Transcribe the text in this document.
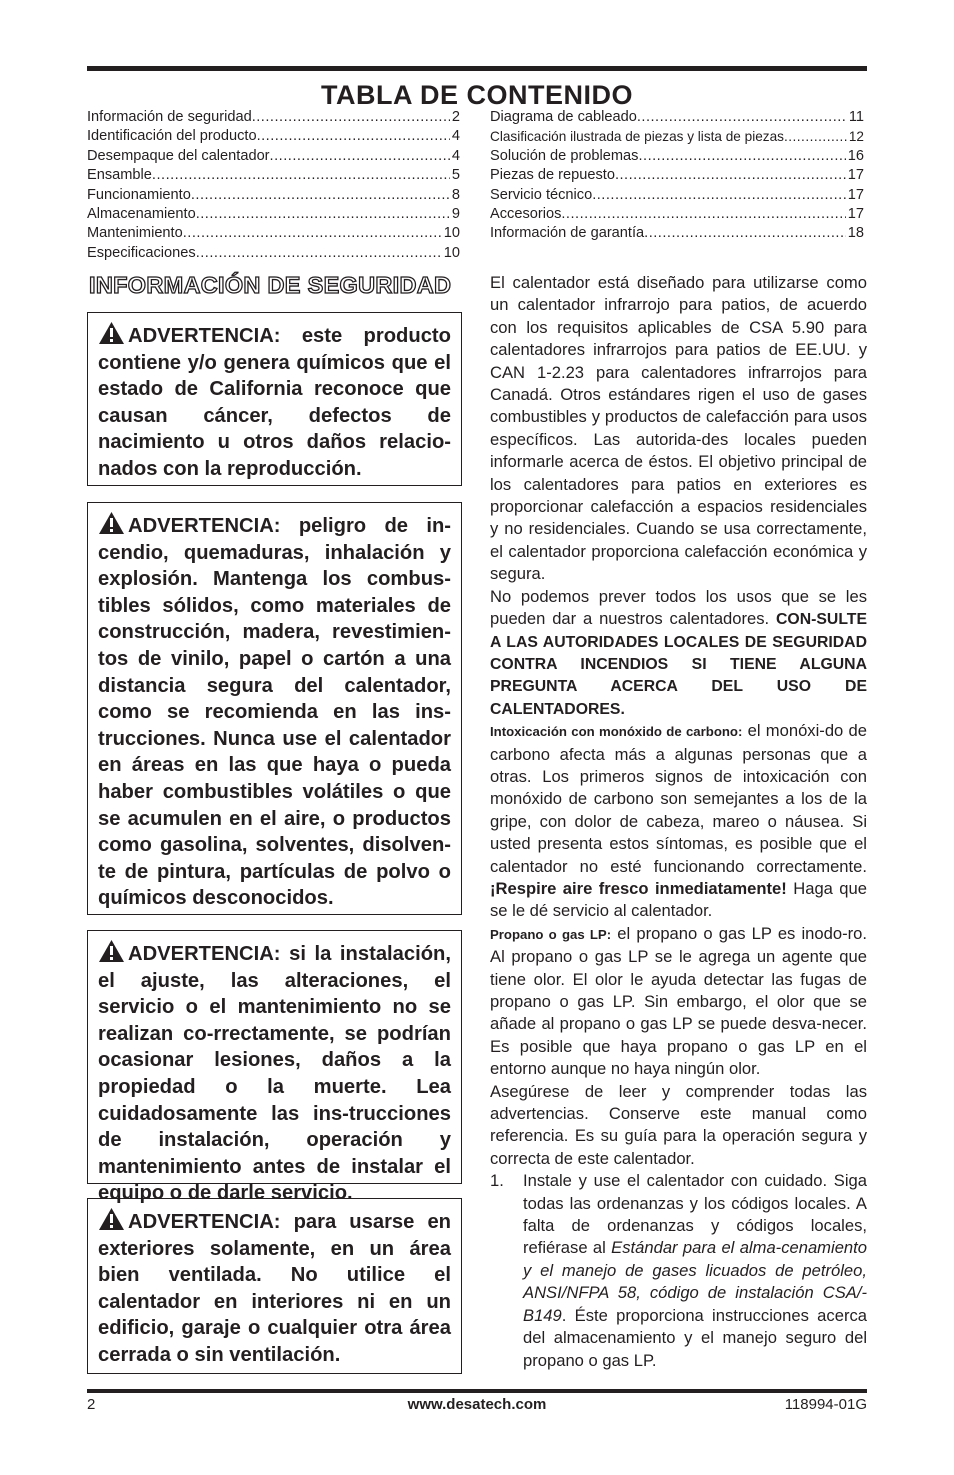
TABLA DE CONTENIDO
Información de seguridad .....	2
Identificación del producto .....	4
Desempaque del calentador .....	4
Ensamble .....	5
Funcionamiento .....	8
Almacenamiento .....	9
Mantenimiento .....	10
Especificaciones .....	10
Diagrama de cableado .....	11
Clasificación ilustrada de piezas y lista de piezas .....	12
Solución de problemas .....	16
Piezas de repuesto .....	17
Servicio técnico .....	17
Accesorios .....	17
Información de garantía .....	18
INFORMACIÓN DE SEGURIDAD
ADVERTENCIA: este producto contiene y/o genera químicos que el estado de California reconoce que causan cáncer, defectos de nacimiento u otros daños relacio-nados con la reproducción.
ADVERTENCIA: peligro de in-cendio, quemaduras, inhalación y explosión. Mantenga los combus-tibles sólidos, como materiales de construcción, madera, revestimien-tos de vinilo, papel o cartón a una distancia segura del calentador, como se recomienda en las ins-trucciones. Nunca use el calentador en áreas en las que haya o pueda haber combustibles volátiles o que se acumulen en el aire, o productos como gasolina, solventes, disolven-te de pintura, partículas de polvo o químicos desconocidos.
ADVERTENCIA: si la instalación, el ajuste, las alteraciones, el servicio o el mantenimiento no se realizan co-rrectamente, se podrían ocasionar lesiones, daños a la propiedad o la muerte. Lea cuidadosamente las ins-trucciones de instalación, operación y mantenimiento antes de instalar el equipo o de darle servicio.
ADVERTENCIA: para usarse en exteriores solamente, en un área bien ventilada. No utilice el calentador en interiores ni en un edificio, garaje o cualquier otra área cerrada o sin ventilación.

El calentador está diseñado para utilizarse como un calentador infrarrojo para patios, de acuerdo con los requisitos aplicables de CSA 5.90 para calentadores infrarrojos para patios de EE.UU. y CAN 1-2.23 para calentadores infrarrojos para Canadá. Otros estándares rigen el uso de gases combustibles y productos de calefacción para usos específicos. Las autorida-des locales pueden informarle acerca de éstos. El objetivo principal de los calentadores para patios en exteriores es proporcionar calefacción a espacios residenciales y no residenciales. Cuando se usa correctamente, el calentador proporciona calefacción económica y segura.

No podemos prever todos los usos que se les pueden dar a nuestros calentadores. CON-SULTE A LAS AUTORIDADES LOCALES DE SEGURIDAD CONTRA INCENDIOS SI TIENE ALGUNA PREGUNTA ACERCA DEL USO DE CALENTADORES.

Intoxicación con monóxido de carbono: el monóxi-do de carbono afecta más a algunas personas que a otras. Los primeros signos de intoxicación con monóxido de carbono son semejantes a los de la gripe, con dolor de cabeza, mareo o náusea. Si usted presenta estos síntomas, es posible que el calentador no esté funcionando correctamente. ¡Respire aire fresco inmediatamente! Haga que se le dé servicio al calentador.

Propano o gas LP: el propano o gas LP es inodo-ro. Al propano o gas LP se le agrega un agente que tiene olor. El olor le ayuda detectar las fugas de propano o gas LP. Sin embargo, el olor que se añade al propano o gas LP se puede desva-necer. Es posible que haya propano o gas LP en el entorno aunque no haya ningún olor.

Asegúrese de leer y comprender todas las advertencias. Conserve este manual como referencia. Es su guía para la operación segura y correcta de este calentador.

1.	Instale y use el calentador con cuidado. Siga todas las ordenanzas y los códigos locales. A falta de ordenanzas y códigos locales, refiérase al Estándar para el alma-cenamiento y el manejo de gases licuados de petróleo, ANSI/NFPA 58, código de instalación CSA/-B149. Éste proporciona instrucciones acerca del almacenamiento y el manejo seguro del propano o gas LP.
2	www.desatech.com	118994-01G
